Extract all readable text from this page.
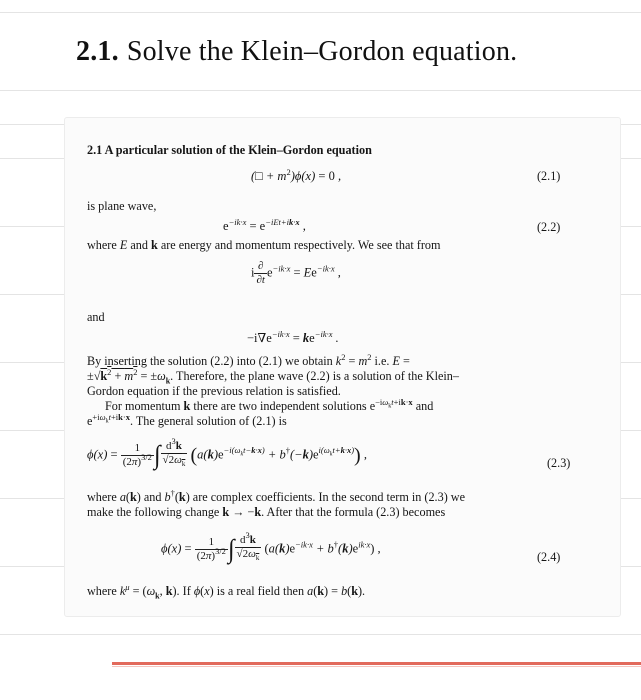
2.1. Solve the Klein–Gordon equation.
2.1 A particular solution of the Klein–Gordon equation
(□ + $m^2)\phi(x) = 0$ ,	(2.1)
is plane wave,
$e^{-ik\cdot x} = e^{-iEt+ik\cdot x}$ ,	(2.2)
where E and k are energy and momentum respectively. We see that from
i $\frac{\partial}{\partial t} e^{-ik\cdot x} = Ee^{-ik\cdot x}$ ,
and
$-i\nabla e^{-ik\cdot x} = ke^{-ik\cdot x}$ .
By inserting the solution (2.2) into (2.1) we obtain $k^2 = m^2$ i.e. E =
$\pm√k^2 + m^2 = \pm\omega_k$. Therefore, the plane wave (2.2) is a solution of the Klein–
Gordon equation if the previous relation is satisfied.
For momentum k there are two independent solutions $e^{-i\omega_kt+ik\cdot x}$ and
$e^{+i\omega_kt+ik\cdot x}$. The general solution of (2.1) is
$\phi(x) = \frac{1}{(2\pi)^{3/2}}$ ∫ $\frac{d^3k}{√2\omega_k} (a(k)e^{-i(\omega_kt-k\cdot x)} + b^\dagger(-k)e^{i(\omega_kt+k\cdot x)})$ ,
(2.3)
where a(k) and b†(k) are complex coefficients. In the second term in (2.3) we
make the following change k → −k. After that the formula (2.3) becomes
$\phi(x) = \frac{1}{(2\pi)^{3/2}}$ ∫ $\frac{d^3k}{√2\omega_k} (a(k)e^{-ik\cdot x} + b^\dagger(k)e^{ik\cdot x})$ ,
(2.4)
where $k^\mu = (\omega_k$, k). If ϕ(x) is a real field then a(k) = b(k).
